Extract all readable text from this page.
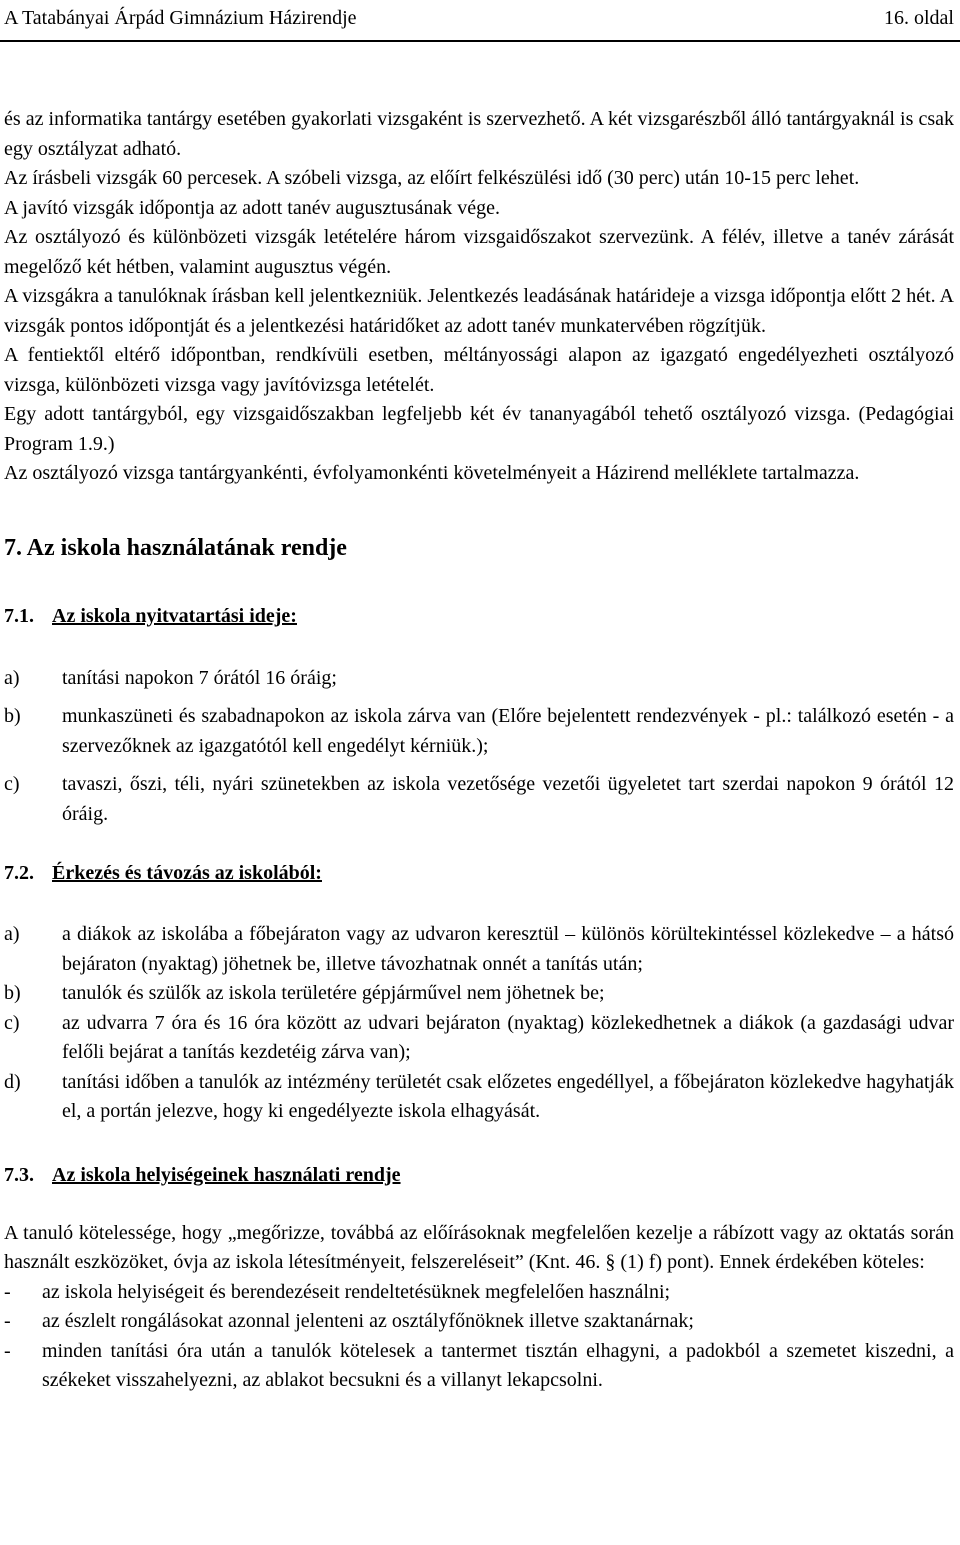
A Tatabányai Árpád Gimnázium Házirendje	16. oldal

és az informatika tantárgy esetében gyakorlati vizsgaként is szervezhető. A két vizsgarészből álló tantárgyaknál is csak egy osztályzat adható.

Az írásbeli vizsgák 60 percesek. A szóbeli vizsga, az előírt felkészülési idő (30 perc) után 10-15 perc lehet.

A javító vizsgák időpontja az adott tanév augusztusának vége.

Az osztályozó és különbözeti vizsgák letételére három vizsgaidőszakot szervezünk. A félév, illetve a tanév zárását megelőző két hétben, valamint augusztus végén.

A vizsgákra a tanulóknak írásban kell jelentkezniük. Jelentkezés leadásának határideje a vizsga időpontja előtt 2 hét. A vizsgák pontos időpontját és a jelentkezési határidőket az adott tanév munkatervében rögzítjük.

A fentiektől eltérő időpontban, rendkívüli esetben, méltányossági alapon az igazgató engedélyezheti osztályozó vizsga, különbözeti vizsga vagy javítóvizsga letételét.

Egy adott tantárgyból, egy vizsgaidőszakban legfeljebb két év tananyagából tehető osztályozó vizsga. (Pedagógiai Program 1.9.)

Az osztályozó vizsga tantárgyankénti, évfolyamonkénti követelményeit a Házirend melléklete tartalmazza.

7. Az iskola használatának rendje
7.1. Az iskola nyitvatartási ideje:
a)	tanítási napokon 7 órától 16 óráig;
b)	munkaszüneti és szabadnapokon az iskola zárva van (Előre bejelentett rendezvények - pl.: találkozó esetén - a szervezőknek az igazgatótól kell engedélyt kérniük.);
c)	tavaszi, őszi, téli, nyári szünetekben az iskola vezetősége vezetői ügyeletet tart szerdai napokon 9 órától 12 óráig.
7.2. Érkezés és távozás az iskolából:
a)	a diákok az iskolába a főbejáraton vagy az udvaron keresztül – különös körültekintéssel közlekedve – a hátsó bejáraton (nyaktag) jöhetnek be, illetve távozhatnak onnét a tanítás után;
b)	tanulók és szülők az iskola területére gépjárművel nem jöhetnek be;
c)	az udvarra 7 óra és 16 óra között az udvari bejáraton (nyaktag) közlekedhetnek a diákok (a gazdasági udvar felőli bejárat a tanítás kezdetéig zárva van);
d)	tanítási időben a tanulók az intézmény területét csak előzetes engedéllyel, a főbejáraton közlekedve hagyhatják el, a portán jelezve, hogy ki engedélyezte iskola elhagyását.
7.3. Az iskola helyiségeinek használati rendje

A tanuló kötelessége, hogy „megőrizze, továbbá az előírásoknak megfelelően kezelje a rábízott vagy az oktatás során használt eszközöket, óvja az iskola létesítményeit, felszereléseit” (Knt. 46. § (1) f) pont). Ennek érdekében köteles:

-	az iskola helyiségeit és berendezéseit rendeltetésüknek megfelelően használni;
-	az észlelt rongálásokat azonnal jelenteni az osztályfőnöknek illetve szaktanárnak;
-	minden tanítási óra után a tanulók kötelesek a tantermet tisztán elhagyni, a padokból a szemetet kiszedni, a székeket visszahelyezni, az ablakot becsukni és a villanyt lekapcsolni.
